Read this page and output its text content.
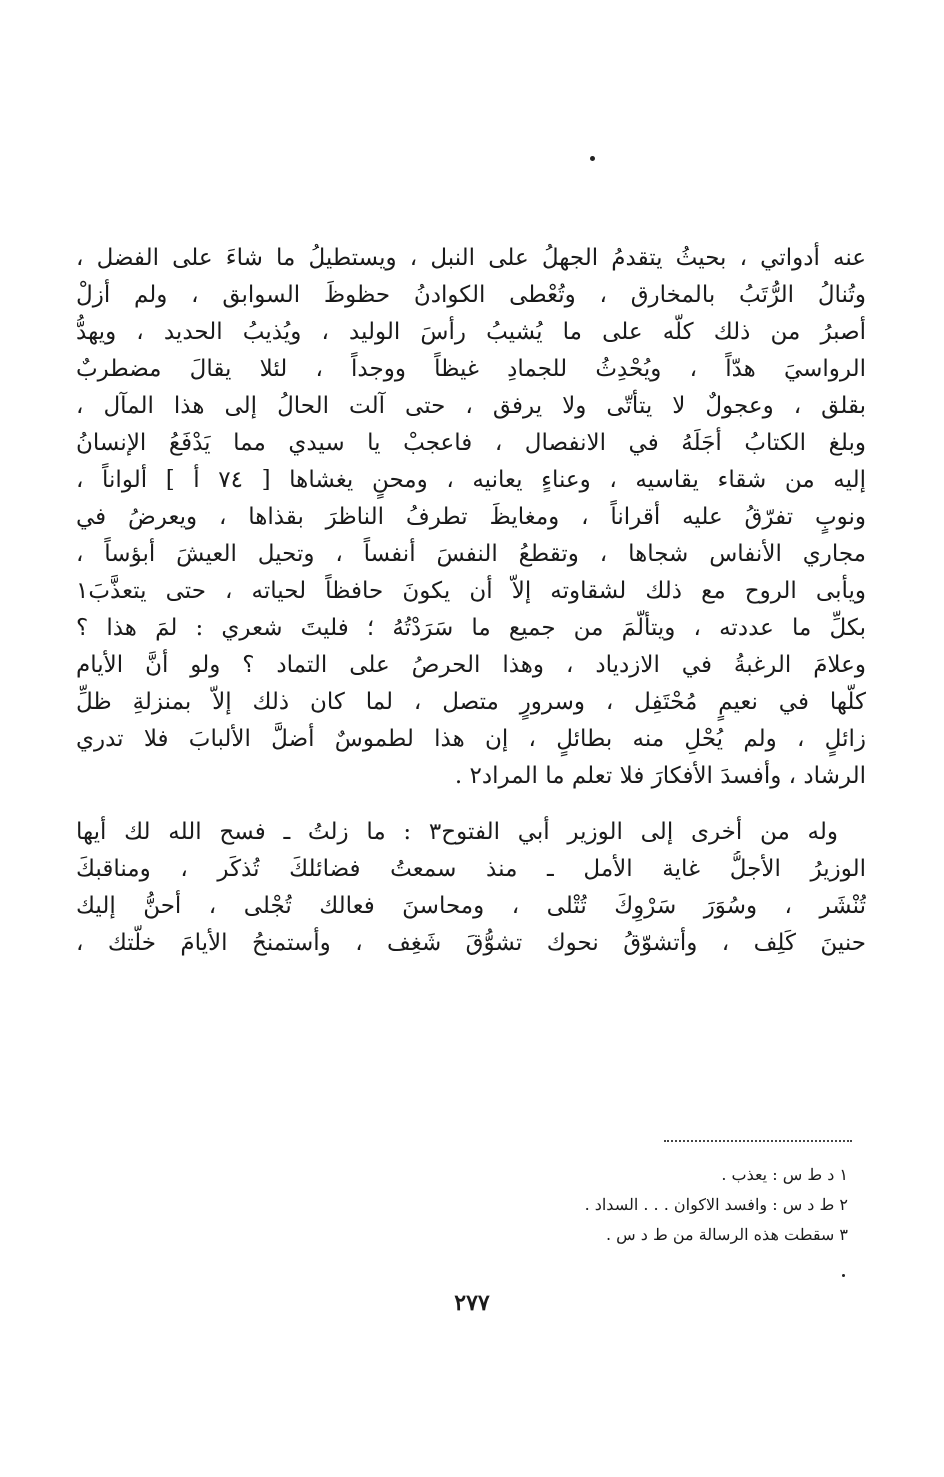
عنه أدواتي ، بحيثُ يتقدمُ الجهلُ على النبل ، ويستطيلُ ما شاءَ على الفضل ،
وتُنالُ الرُّتَبُ بالمخارق ، وتُعْطى الكوادنُ حظوظَ السوابق ، ولم أزلْ
أصبرُ من ذلك كلّه على ما يُشيبُ رأسَ الوليد ، ويُذيبُ الحديد ، ويهدُّ
الرواسيَ هدّاً ، ويُحْدِثُ للجمادِ غيظاً ووجداً ، لئلا يقالَ مضطربٌ
بقلق ، وعجولٌ لا يتأتّى ولا يرفق ، حتى آلت الحالُ إلى هذا المآل ،
وبلغ الكتابُ أجَلَهُ في الانفصال ، فاعجبْ يا سيدي مما يَدْفَعُ الإنسانُ
إليه من شقاء يقاسيه ، وعناءٍ يعانيه ، ومحنٍ يغشاها [ ٧٤ أ ] ألواناً ،
ونوبٍ تفرّقُ عليه أقراناً ، ومغايظَ تطرفُ الناظرَ بقذاها ، ويعرضُ في
مجاري الأنفاس شجاها ، وتقطعُ النفسَ أنفساً ، وتحيل العيشَ أبؤساً ،
ويأبى الروح مع ذلك لشقاوته إلاّ أن يكونَ حافظاً لحياته ، حتى يتعذَّبَ١
بكلِّ ما عددته ، ويتألّمَ من جميع ما سَرَدْتُهُ ؛ فليتَ شعري : لمَ هذا ؟
وعلامَ الرغبةُ في الازدياد ، وهذا الحرصُ على التماد ؟ ولو أنَّ الأيام
كلّها في نعيمٍ مُحْتَفِل ، وسرورٍ متصل ، لما كان ذلك إلاّ بمنزلةِ ظلِّ
زائلٍ ، ولم يُحْلِ منه بطائلٍ ، إن هذا لطموسٌ أضلَّ الألبابَ فلا تدري
الرشاد ، وأفسدَ الأفكارَ فلا تعلم ما المراد٢ .
وله من أخرى إلى الوزير أبي الفتوح٣ : ما زلتُ ـ فسح الله لك أيها
الوزيرُ الأجلُّ غاية الأمل ـ منذ سمعتُ فضائلكَ تُذكَر ، ومناقبكَ
تُنْشَر ، وسُوَرَ سَرْوِكَ تُتْلى ، ومحاسنَ فعالك تُجْلى ، أحنُّ إليك
حنينَ كَلِف ، وأتشوّقُ نحوك تشوُّقَ شَغِف ، وأستمنحُ الأيامَ خلَّتك ،
١ د ط س : يعذب .
٢ ط د س : وافسد الاكوان . . . السداد .
٣ سقطت هذه الرسالة من ط د س .
٢٧٧
